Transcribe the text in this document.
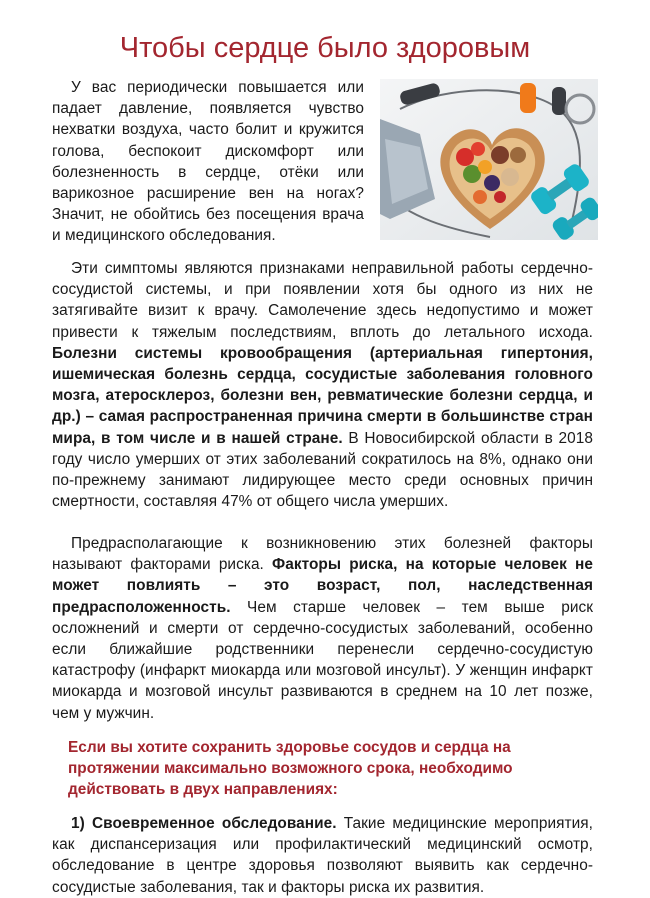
Чтобы сердце было здоровым

У вас периодически повышается или падает давление, появляется чувство нехватки воздуха, часто болит и кружится голова, беспокоит дискомфорт или болезненность в сердце, отёки или варикозное расширение вен на ногах? Значит, не обойтись без посещения врача и медицинского обследования.

Эти симптомы являются признаками неправильной работы сердечно-сосудистой системы, и при появлении хотя бы одного из них не затягивайте визит к врачу. Самолечение здесь недопустимо и может привести к тяжелым последствиям, вплоть до летального исхода. Болезни системы кровообращения (артериальная гипертония, ишемическая болезнь сердца, сосудистые заболевания головного мозга, атеросклероз, болезни вен, ревматические болезни сердца, и др.) – самая распространенная причина смерти в большинстве стран мира, в том числе и в нашей стране. В Новосибирской области в 2018 году число умерших от этих заболеваний сократилось на 8%, однако они по-прежнему занимают лидирующее место среди основных причин смертности, составляя 47% от общего числа умерших.

Предрасполагающие к возникновению этих болезней факторы называют факторами риска. Факторы риска, на которые человек не может повлиять – это возраст, пол, наследственная предрасположенность. Чем старше человек – тем выше риск осложнений и смерти от сердечно-сосудистых заболеваний, особенно если ближайшие родственники перенесли сердечно-сосудистую катастрофу (инфаркт миокарда или мозговой инсульт). У женщин инфаркт миокарда и мозговой инсульт развиваются в среднем на 10 лет позже, чем у мужчин.

Если вы хотите сохранить здоровье сосудов и сердца на протяжении максимально возможного срока, необходимо действовать в двух направлениях:

1) Своевременное обследование. Такие медицинские мероприятия, как диспансеризация или профилактический медицинский осмотр, обследование в центре здоровья позволяют выявить как сердечно-сосудистые заболевания, так и факторы риска их развития.
